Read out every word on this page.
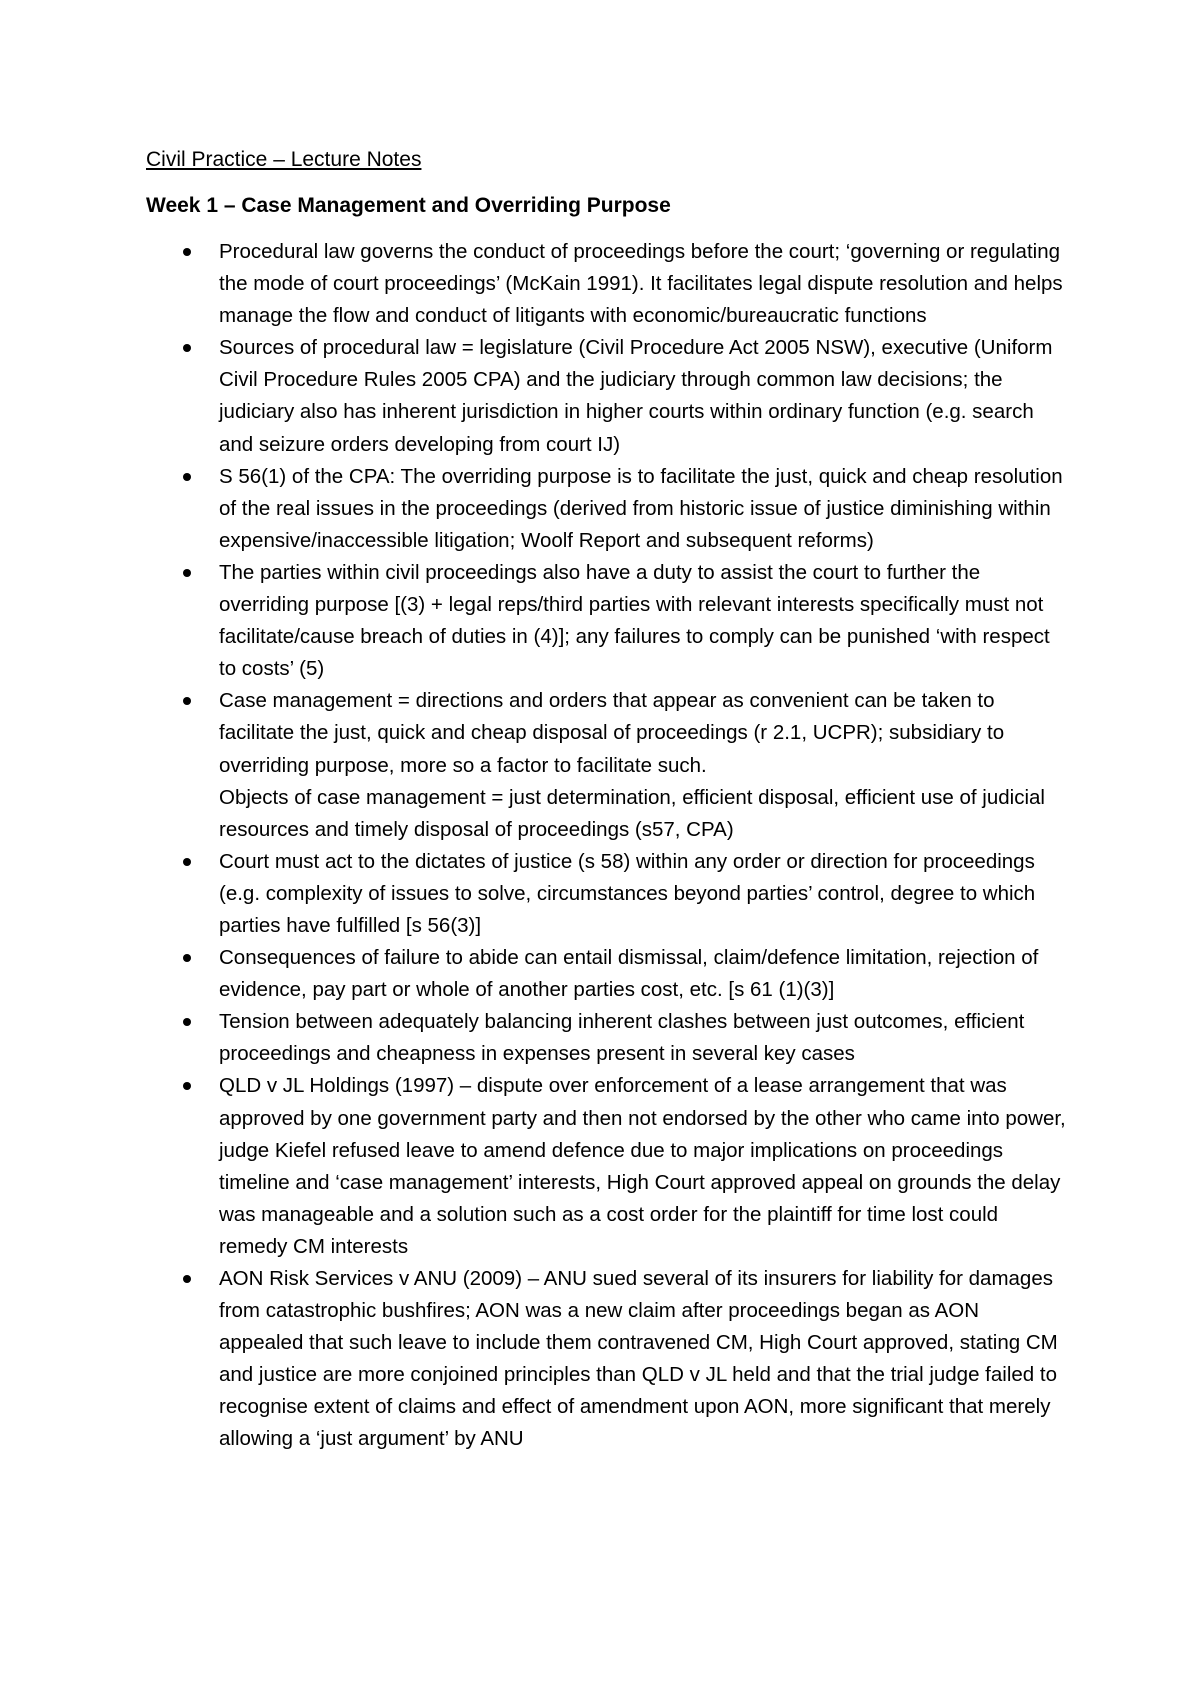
Civil Practice – Lecture Notes
Week 1 – Case Management and Overriding Purpose
Procedural law governs the conduct of proceedings before the court; ‘governing or regulating the mode of court proceedings’ (McKain 1991). It facilitates legal dispute resolution and helps manage the flow and conduct of litigants with economic/bureaucratic functions
Sources of procedural law = legislature (Civil Procedure Act 2005 NSW), executive (Uniform Civil Procedure Rules 2005 CPA) and the judiciary through common law decisions; the judiciary also has inherent jurisdiction in higher courts within ordinary function (e.g. search and seizure orders developing from court IJ)
S 56(1) of the CPA: The overriding purpose is to facilitate the just, quick and cheap resolution of the real issues in the proceedings (derived from historic issue of justice diminishing within expensive/inaccessible litigation; Woolf Report and subsequent reforms)
The parties within civil proceedings also have a duty to assist the court to further the overriding purpose [(3) + legal reps/third parties with relevant interests specifically must not facilitate/cause breach of duties in (4)]; any failures to comply can be punished ‘with respect to costs’ (5)
Case management = directions and orders that appear as convenient can be taken to facilitate the just, quick and cheap disposal of proceedings (r 2.1, UCPR); subsidiary to overriding purpose, more so a factor to facilitate such.
Objects of case management = just determination, efficient disposal, efficient use of judicial resources and timely disposal of proceedings (s57, CPA)
Court must act to the dictates of justice (s 58) within any order or direction for proceedings (e.g. complexity of issues to solve, circumstances beyond parties’ control, degree to which parties have fulfilled [s 56(3)]
Consequences of failure to abide can entail dismissal, claim/defence limitation, rejection of evidence, pay part or whole of another parties cost, etc. [s 61 (1)(3)]
Tension between adequately balancing inherent clashes between just outcomes, efficient proceedings and cheapness in expenses present in several key cases
QLD v JL Holdings (1997) – dispute over enforcement of a lease arrangement that was approved by one government party and then not endorsed by the other who came into power, judge Kiefel refused leave to amend defence due to major implications on proceedings timeline and ‘case management’ interests, High Court approved appeal on grounds the delay was manageable and a solution such as a cost order for the plaintiff for time lost could remedy CM interests
AON Risk Services v ANU (2009) – ANU sued several of its insurers for liability for damages from catastrophic bushfires; AON was a new claim after proceedings began as AON appealed that such leave to include them contravened CM, High Court approved, stating CM and justice are more conjoined principles than QLD v JL held and that the trial judge failed to recognise extent of claims and effect of amendment upon AON, more significant that merely allowing a ‘just argument’ by ANU
